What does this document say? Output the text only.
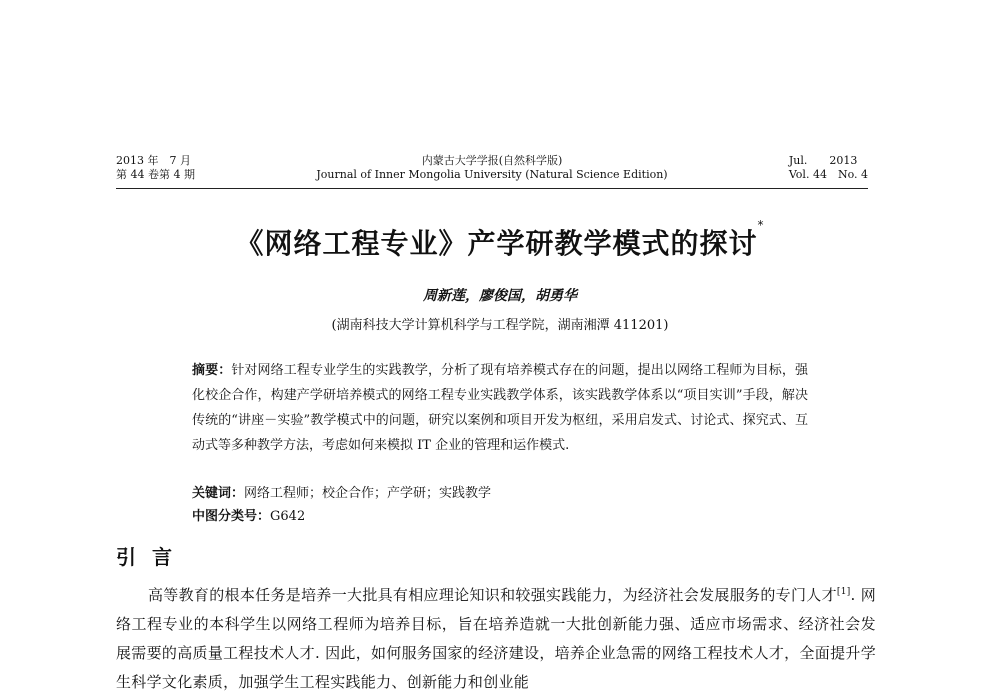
2013 年　7 月
第 44 卷第 4 期
内蒙古大学学报(自然科学版)
Journal of Inner Mongolia University (Natural Science Edition)
Jul.　　2013
Vol. 44　No. 4
《网络工程专业》产学研教学模式的探讨*
周新莲，廖俊国，胡勇华
(湖南科技大学计算机科学与工程学院，湖南湘潭 411201)

摘要：针对网络工程专业学生的实践教学，分析了现有培养模式存在的问题，提出以网络工程师为目标，强化校企合作，构建产学研培养模式的网络工程专业实践教学体系，该实践教学体系以“项目实训”手段，解决传统的“讲座－实验”教学模式中的问题，研究以案例和项目开发为枢纽，采用启发式、讨论式、探究式、互动式等多种教学方法，考虑如何来模拟 IT 企业的管理和运作模式.

关键词：网络工程师；校企合作；产学研；实践教学
中图分类号：G642
引言

高等教育的根本任务是培养一大批具有相应理论知识和较强实践能力，为经济社会发展服务的专门人才[1]. 网络工程专业的本科学生以网络工程师为培养目标，旨在培养造就一大批创新能力强、适应市场需求、经济社会发展需要的高质量工程技术人才. 因此，如何服务国家的经济建设，培养企业急需的网络工程技术人才，全面提升学生科学文化素质，加强学生工程实践能力、创新能力和创业能
